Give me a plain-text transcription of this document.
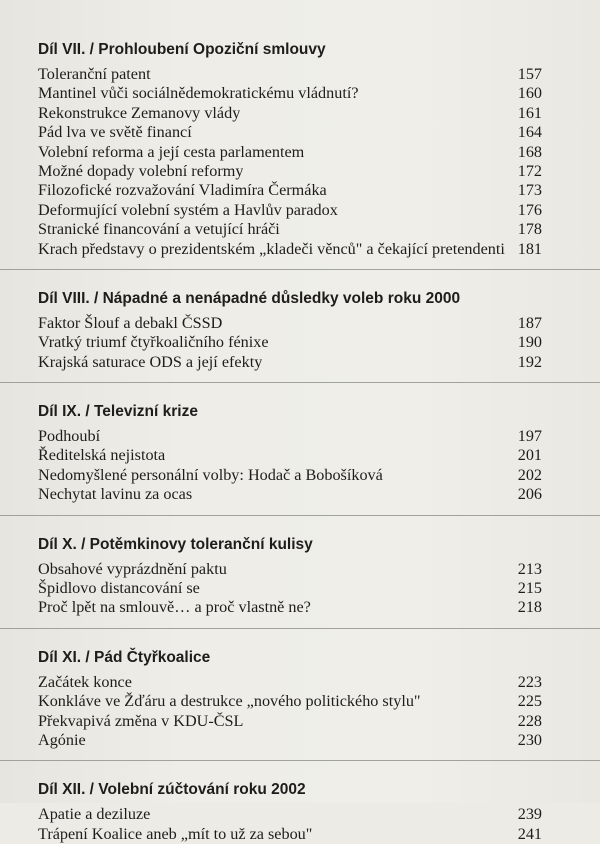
Díl VII. / Prohloubení Opoziční smlouvy
Toleranční patent	157
Mantinel vůči sociálnědemokratickému vládnutí?	160
Rekonstrukce Zemanovy vlády	161
Pád lva ve světě financí	164
Volební reforma a její cesta parlamentem	168
Možné dopady volební reformy	172
Filozofické rozvažování Vladimíra Čermáka	173
Deformující volební systém a Havlův paradox	176
Stranické financování a vetující hráči	178
Krach představy o prezidentském „kladeči věnců" a čekající pretendenti 181
Díl VIII. / Nápadné a nenápadné důsledky voleb roku 2000
Faktor Šlouf a debakl ČSSD	187
Vratký triumf čtyřkoaličního fénixe	190
Krajská saturace ODS a její efekty	192
Díl IX. / Televizní krize
Podhoubí	197
Ředitelská nejistota	201
Nedomyšlené personální volby: Hodač a Bobošíková	202
Nechytat lavinu za ocas	206
Díl X. / Potěmkinovy toleranční kulisy
Obsahové vyprázdnění paktu	213
Špidlovo distancování se	215
Proč lpět na smlouvě… a proč vlastně ne?	218
Díl XI. / Pád Čtyřkoalice
Začátek konce	223
Konkláve ve Žďáru a destrukce „nového politického stylu"	225
Překvapivá změna v KDU-ČSL	228
Agónie	230
Díl XII. / Volební zúčtování roku 2002
Apatie a deziluze	239
Trápení Koalice aneb „mít to už za sebou"	241
